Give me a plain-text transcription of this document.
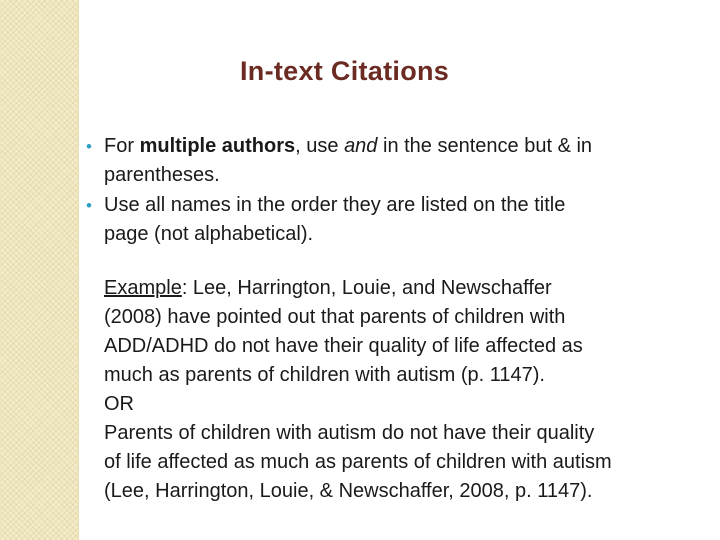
In-text Citations
• For multiple authors, use and in the sentence but & in
parentheses.
• Use all names in the order they are listed on the title
page (not alphabetical).
Example: Lee, Harrington, Louie, and Newschaffer
(2008) have pointed out that parents of children with
ADD/ADHD do not have their quality of life affected as
much as parents of children with autism (p. 1147).
OR
Parents of children with autism do not have their quality
of life affected as much as parents of children with autism
(Lee, Harrington, Louie, & Newschaffer, 2008, p. 1147).
